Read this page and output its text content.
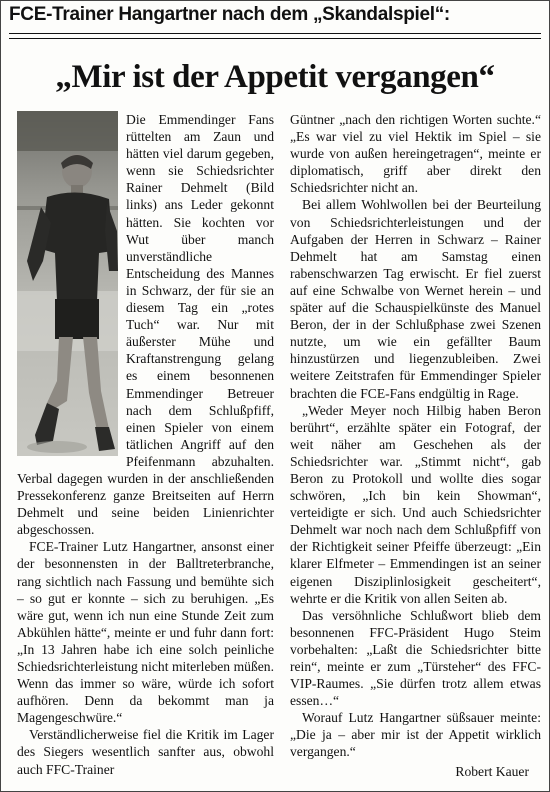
FCE-Trainer Hangartner nach dem „Skandalspiel“:
„Mir ist der Appetit vergangen“

Die Emmendinger Fans rüttelten am Zaun und hätten viel darum gegeben, wenn sie Schiedsrichter Rainer Dehmelt (Bild links) ans Leder gekonnt hätten. Sie kochten vor Wut über manch unverständliche Entscheidung des Mannes in Schwarz, der für sie an diesem Tag ein „rotes Tuch“ war. Nur mit äußerster Mühe und Kraftanstrengung gelang es einem besonnenen Emmendinger Betreuer nach dem Schlußpfiff, einen Spieler von einem tätlichen Angriff auf den Pfeifenmann abzuhalten. Verbal dagegen wurden in der anschließenden Pressekonferenz ganze Breitseiten auf Herrn Dehmelt und seine beiden Linienrichter abgeschossen.

FCE-Trainer Lutz Hangartner, ansonst einer der besonnensten in der Balltreterbranche, rang sichtlich nach Fassung und bemühte sich – so gut er konnte – sich zu beruhigen. „Es wäre gut, wenn ich nun eine Stunde Zeit zum Abkühlen hätte“, meinte er und fuhr dann fort: „In 13 Jahren habe ich eine solch peinliche Schiedsrichterleistung nicht miterleben müßen. Wenn das immer so wäre, würde ich sofort aufhören. Denn da bekommt man ja Magengeschwüre.“

Verständlicherweise fiel die Kritik im Lager des Siegers wesentlich sanfter aus, obwohl auch FFC-Trainer

Güntner „nach den richtigen Worten suchte.“ „Es war viel zu viel Hektik im Spiel – sie wurde von außen hereingetragen“, meinte er diplomatisch, griff aber direkt den Schiedsrichter nicht an.

Bei allem Wohlwollen bei der Beurteilung von Schiedsrichterleistungen und der Aufgaben der Herren in Schwarz – Rainer Dehmelt hat am Samstag einen rabenschwarzen Tag erwischt. Er fiel zuerst auf eine Schwalbe von Wernet herein – und später auf die Schauspielkünste des Manuel Beron, der in der Schlußphase zwei Szenen nutzte, um wie ein gefällter Baum hinzustürzen und liegenzubleiben. Zwei weitere Zeitstrafen für Emmendinger Spieler brachten die FCE-Fans endgültig in Rage.

„Weder Meyer noch Hilbig haben Beron berührt“, erzählte später ein Fotograf, der weit näher am Geschehen als der Schiedsrichter war. „Stimmt nicht“, gab Beron zu Protokoll und wollte dies sogar schwören, „Ich bin kein Showman“, verteidigte er sich. Und auch Schiedsrichter Dehmelt war noch nach dem Schlußpfiff von der Richtigkeit seiner Pfeiffe überzeugt: „Ein klarer Elfmeter – Emmendingen ist an seiner eigenen Disziplinlosigkeit gescheitert“, wehrte er die Kritik von allen Seiten ab.

Das versöhnliche Schlußwort blieb dem besonnenen FFC-Präsident Hugo Steim vorbehalten: „Laßt die Schiedsrichter bitte rein“, meinte er zum „Türsteher“ des FFC-VIP-Raumes. „Sie dürfen trotz allem etwas essen…“

Worauf Lutz Hangartner süßsauer meinte: „Die ja – aber mir ist der Appetit wirklich vergangen.“

Robert Kauer
